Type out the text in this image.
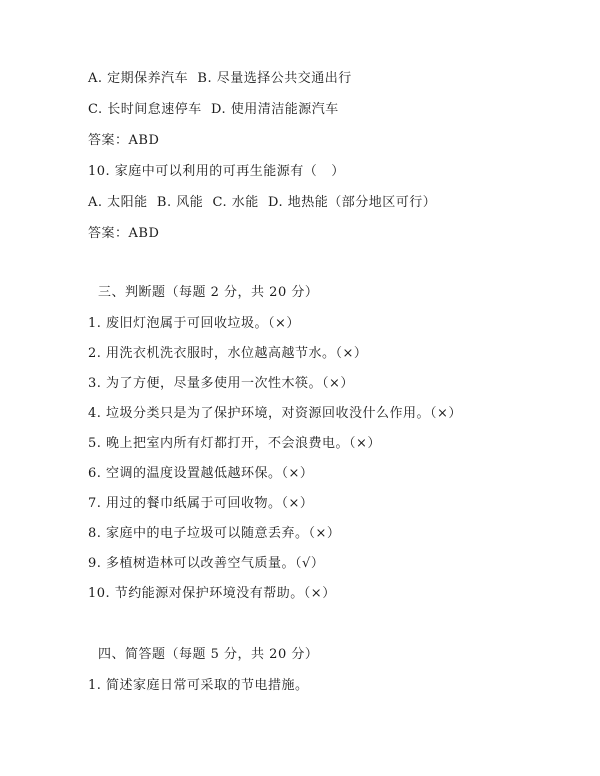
A. 定期保养汽车  B. 尽量选择公共交通出行
C. 长时间怠速停车  D. 使用清洁能源汽车
答案：ABD
10. 家庭中可以利用的可再生能源有（   ）
A. 太阳能  B. 风能  C. 水能  D. 地热能（部分地区可行）
答案：ABD
三、判断题（每题 2 分，共 20 分）
1. 废旧灯泡属于可回收垃圾。（×）
2. 用洗衣机洗衣服时，水位越高越节水。（×）
3. 为了方便，尽量多使用一次性木筷。（×）
4. 垃圾分类只是为了保护环境，对资源回收没什么作用。（×）
5. 晚上把室内所有灯都打开，不会浪费电。（×）
6. 空调的温度设置越低越环保。（×）
7. 用过的餐巾纸属于可回收物。（×）
8. 家庭中的电子垃圾可以随意丢弃。（×）
9. 多植树造林可以改善空气质量。（√）
10. 节约能源对保护环境没有帮助。（×）
四、简答题（每题 5 分，共 20 分）
1. 简述家庭日常可采取的节电措施。
